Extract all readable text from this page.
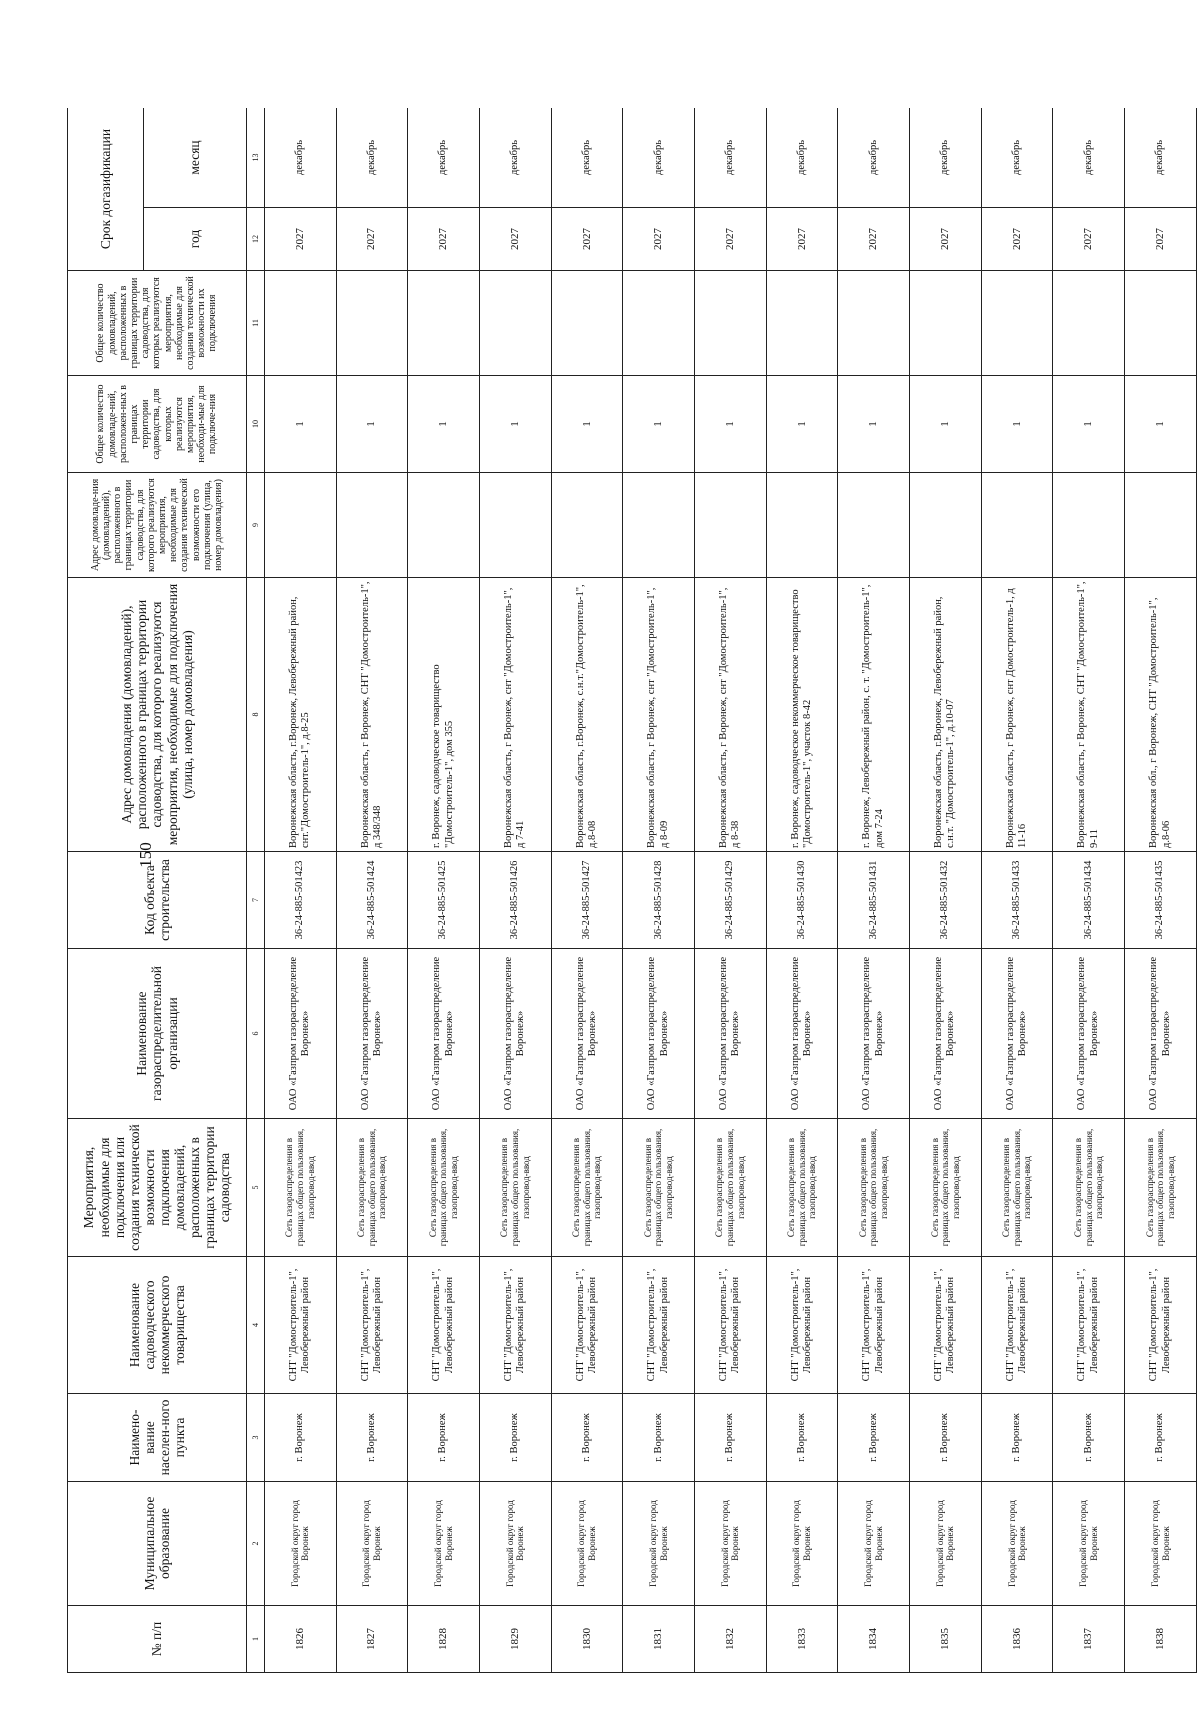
150
№ п/п	Муниципальное образование	Наимено-вание населен-ного пункта	Наименование садоводческого некоммерческого товарищества	Мероприятия, необходимые для подключения или создания технической возможности подключения домовладений, расположенных в границах территории садоводства	Наименование газораспределительной организации	Код объекта строительства	Адрес домовладения (домовладений), расположенного в границах территории садоводства, для которого реализуются мероприятия, необходимые для подключения (улица, номер домовладения)	Адрес домовладе-ния (домовладений), расположенного в границах территории садоводства, для которого реализуются мероприятия, необходимые для создания технической возможности его подключения (улица, номер домовладения)	Общее количество домовладе-ний, расположен-ных в границах территории садоводства, для которых реализуются мероприятия, необходи-мые для подключе-ния	Общее количество домовладений, расположенных в границах территории садоводства, для которых реализуются мероприятия, необходимые для создания технической возможности их подключения	Срок догазификации	
											год	месяц
1	2	3	4	5	6	7	8	9	10	11	12	13
1826	Городской округ город Воронеж	г. Воронеж	СНТ "Домостроитель-1", Левобережный район	Сеть газораспределения в границах общего пользования, газопровод-ввод	ОАО «Газпром газораспределение Воронеж»	36-24-885-501423	Воронежская область, г.Воронеж, Левобережный район, снт."Домостроитель-1", д.8-25		1		2027	декабрь
1827	Городской округ город Воронеж	г. Воронеж	СНТ "Домостроитель-1", Левобережный район	Сеть газораспределения в границах общего пользования, газопровод-ввод	ОАО «Газпром газораспределение Воронеж»	36-24-885-501424	Воронежская область, г Воронеж, СНТ "Домостроитель-1", д 348/348		1		2027	декабрь
1828	Городской округ город Воронеж	г. Воронеж	СНТ "Домостроитель-1", Левобережный район	Сеть газораспределения в границах общего пользования, газопровод-ввод	ОАО «Газпром газораспределение Воронеж»	36-24-885-501425	г. Воронеж, садоводческое товарищество "Домостроитель-1", дом 355		1		2027	декабрь
1829	Городской округ город Воронеж	г. Воронеж	СНТ "Домостроитель-1", Левобережный район	Сеть газораспределения в границах общего пользования, газопровод-ввод	ОАО «Газпром газораспределение Воронеж»	36-24-885-501426	Воронежская область, г Воронеж, снт "Домостроитель-1", д 7-41		1		2027	декабрь
1830	Городской округ город Воронеж	г. Воронеж	СНТ "Домостроитель-1", Левобережный район	Сеть газораспределения в границах общего пользования, газопровод-ввод	ОАО «Газпром газораспределение Воронеж»	36-24-885-501427	Воронежская область, г.Воронеж, с.н.т."Домостроитель-1", д.8-08		1		2027	декабрь
1831	Городской округ город Воронеж	г. Воронеж	СНТ "Домостроитель-1", Левобережный район	Сеть газораспределения в границах общего пользования, газопровод-ввод	ОАО «Газпром газораспределение Воронеж»	36-24-885-501428	Воронежская область, г Воронеж, снт "Домостроитель-1", д 8-09		1		2027	декабрь
1832	Городской округ город Воронеж	г. Воронеж	СНТ "Домостроитель-1", Левобережный район	Сеть газораспределения в границах общего пользования, газопровод-ввод	ОАО «Газпром газораспределение Воронеж»	36-24-885-501429	Воронежская область, г Воронеж, снт "Домостроитель-1", д 8-38		1		2027	декабрь
1833	Городской округ город Воронеж	г. Воронеж	СНТ "Домостроитель-1", Левобережный район	Сеть газораспределения в границах общего пользования, газопровод-ввод	ОАО «Газпром газораспределение Воронеж»	36-24-885-501430	г. Воронеж, садоводческое некоммерческое товарищество "Домостроитель-1", участок 8-42		1		2027	декабрь
1834	Городской округ город Воронеж	г. Воронеж	СНТ "Домостроитель-1", Левобережный район	Сеть газораспределения в границах общего пользования, газопровод-ввод	ОАО «Газпром газораспределение Воронеж»	36-24-885-501431	г. Воронеж, Левобережный район, с. т. "Домостроитель-1", дом 7-24		1		2027	декабрь
1835	Городской округ город Воронеж	г. Воронеж	СНТ "Домостроитель-1", Левобережный район	Сеть газораспределения в границах общего пользования, газопровод-ввод	ОАО «Газпром газораспределение Воронеж»	36-24-885-501432	Воронежская область, г.Воронеж, Левобережный район, с.н.т. "Домостроитель-1", д.10-07		1		2027	декабрь
1836	Городской округ город Воронеж	г. Воронеж	СНТ "Домостроитель-1", Левобережный район	Сеть газораспределения в границах общего пользования, газопровод-ввод	ОАО «Газпром газораспределение Воронеж»	36-24-885-501433	Воронежская область, г Воронеж, снт Домостроитель-1, д 11-16		1		2027	декабрь
1837	Городской округ город Воронеж	г. Воронеж	СНТ "Домостроитель-1", Левобережный район	Сеть газораспределения в границах общего пользования, газопровод-ввод	ОАО «Газпром газораспределение Воронеж»	36-24-885-501434	Воронежская область, г Воронеж, СНТ "Домостроитель-1", 9-11		1		2027	декабрь
1838	Городской округ город Воронеж	г. Воронеж	СНТ "Домостроитель-1", Левобережный район	Сеть газораспределения в границах общего пользования, газопровод-ввод	ОАО «Газпром газораспределение Воронеж»	36-24-885-501435	Воронежская обл., г Воронеж, СНТ "Домостроитель-1", д.8-06		1		2027	декабрь
